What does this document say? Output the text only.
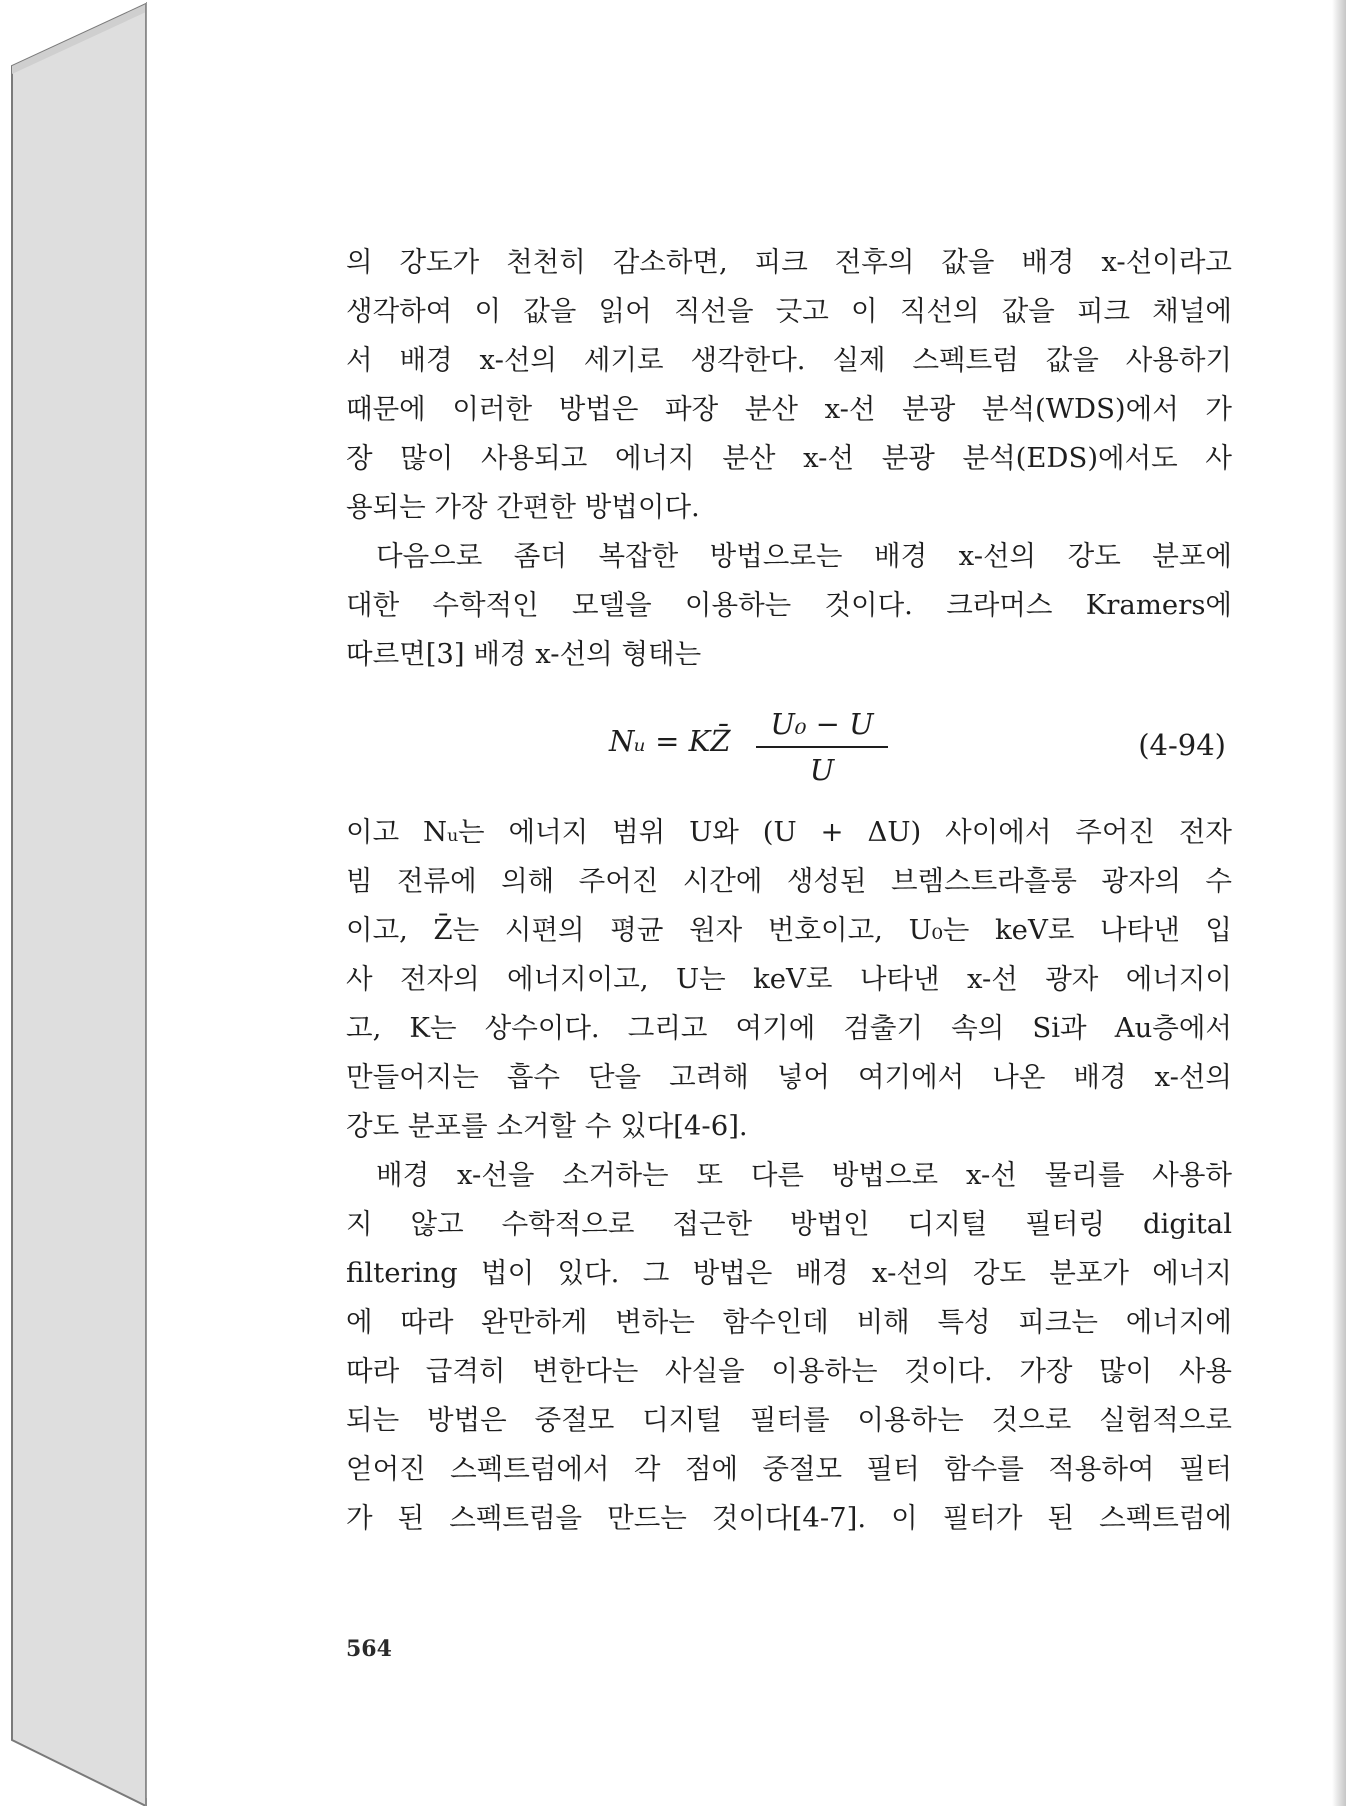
의 강도가 천천히 감소하면, 피크 전후의 값을 배경 x-선이라고
생각하여 이 값을 읽어 직선을 긋고 이 직선의 값을 피크 채널에
서 배경 x-선의 세기로 생각한다. 실제 스펙트럼 값을 사용하기
때문에 이러한 방법은 파장 분산 x-선 분광 분석(WDS)에서 가
장 많이 사용되고 에너지 분산 x-선 분광 분석(EDS)에서도 사
용되는 가장 간편한 방법이다.
다음으로 좀더 복잡한 방법으로는 배경 x-선의 강도 분포에
대한 수학적인 모델을 이용하는 것이다. 크라머스 Kramers에
따르면[3] 배경 x-선의 형태는
Nᵤ = KZ̄	U₀ − U
U
(4-94)
이고 Nᵤ는 에너지 범위 U와 (U + ΔU) 사이에서 주어진 전자
빔 전류에 의해 주어진 시간에 생성된 브렘스트라흘룽 광자의 수
이고, Z̄는 시편의 평균 원자 번호이고, U₀는 keV로 나타낸 입
사 전자의 에너지이고, U는 keV로 나타낸 x-선 광자 에너지이
고, K는 상수이다. 그리고 여기에 검출기 속의 Si과 Au층에서
만들어지는 흡수 단을 고려해 넣어 여기에서 나온 배경 x-선의
강도 분포를 소거할 수 있다[4-6].
배경 x-선을 소거하는 또 다른 방법으로 x-선 물리를 사용하
지 않고 수학적으로 접근한 방법인 디지털 필터링 digital
filtering 법이 있다. 그 방법은 배경 x-선의 강도 분포가 에너지
에 따라 완만하게 변하는 함수인데 비해 특성 피크는 에너지에
따라 급격히 변한다는 사실을 이용하는 것이다. 가장 많이 사용
되는 방법은 중절모 디지털 필터를 이용하는 것으로 실험적으로
얻어진 스펙트럼에서 각 점에 중절모 필터 함수를 적용하여 필터
가 된 스펙트럼을 만드는 것이다[4-7]. 이 필터가 된 스펙트럼에
564
